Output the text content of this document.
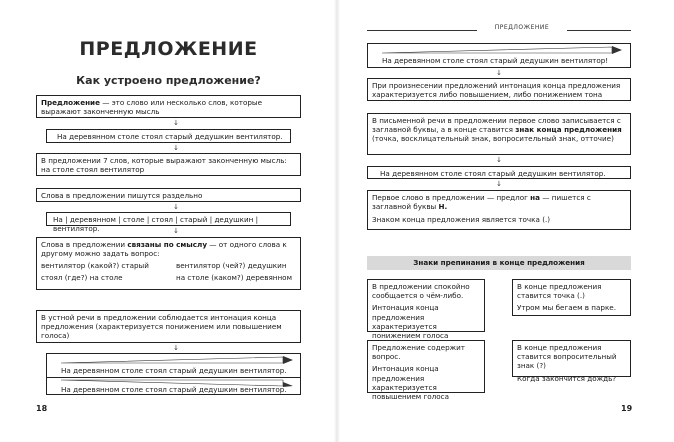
ПРЕДЛОЖЕНИЕ
Как устроено предложение?
Предложение — это слово или несколько слов, которые выражают законченную мысль
↓
На деревянном столе стоял старый дедушкин вентилятор.
↓
В предложении 7 слов, которые выражают законченную мысль: на столе стоял вентилятор
Слова в предложении пишутся раздельно
↓
На | деревянном | столе | стоял | старый | дедушкин | вентилятор.	↓
Слова в предложении связаны по смыслу — от одного слова к другому можно задать вопрос:
вентилятор (какой?) старый	вентилятор (чей?) дедушкин
стоял (где?) на столе	на столе (каком?) деревянном
В устной речи в предложении соблюдается интонация конца предложения (характеризуется понижением или повышением голоса)
↓
На деревянном столе стоял старый дедушкин вентилятор.
На деревянном столе стоял старый дедушкин вентилятор.
18
ПРЕДЛОЖЕНИЕ
На деревянном столе стоял старый дедушкин вентилятор!
↓
При произнесении предложений интонация конца предложения характеризуется либо повышением, либо понижением тона
В письменной речи в предложении первое слово записывается с заглавной буквы, а в конце ставится знак конца предложения (точка, восклицательный знак, вопросительный знак, отточие)
↓
На деревянном столе стоял старый дедушкин вентилятор.
↓
Первое слово в предложении — предлог на — пишется с заглавной буквы Н.
Знаком конца предложения является точка (.)
Знаки препинания в конце предложения
В предложении спокойно сообщается о чём-либо.
Интонация конца предложения характеризуется понижением голоса
В конце предложения ставится точка (.)
Утром мы бегаем в парке.
Предложение содержит вопрос.
Интонация конца предложения характеризуется повышением голоса
В конце предложения ставится вопросительный знак (?)
Когда закончится дождь?
19
